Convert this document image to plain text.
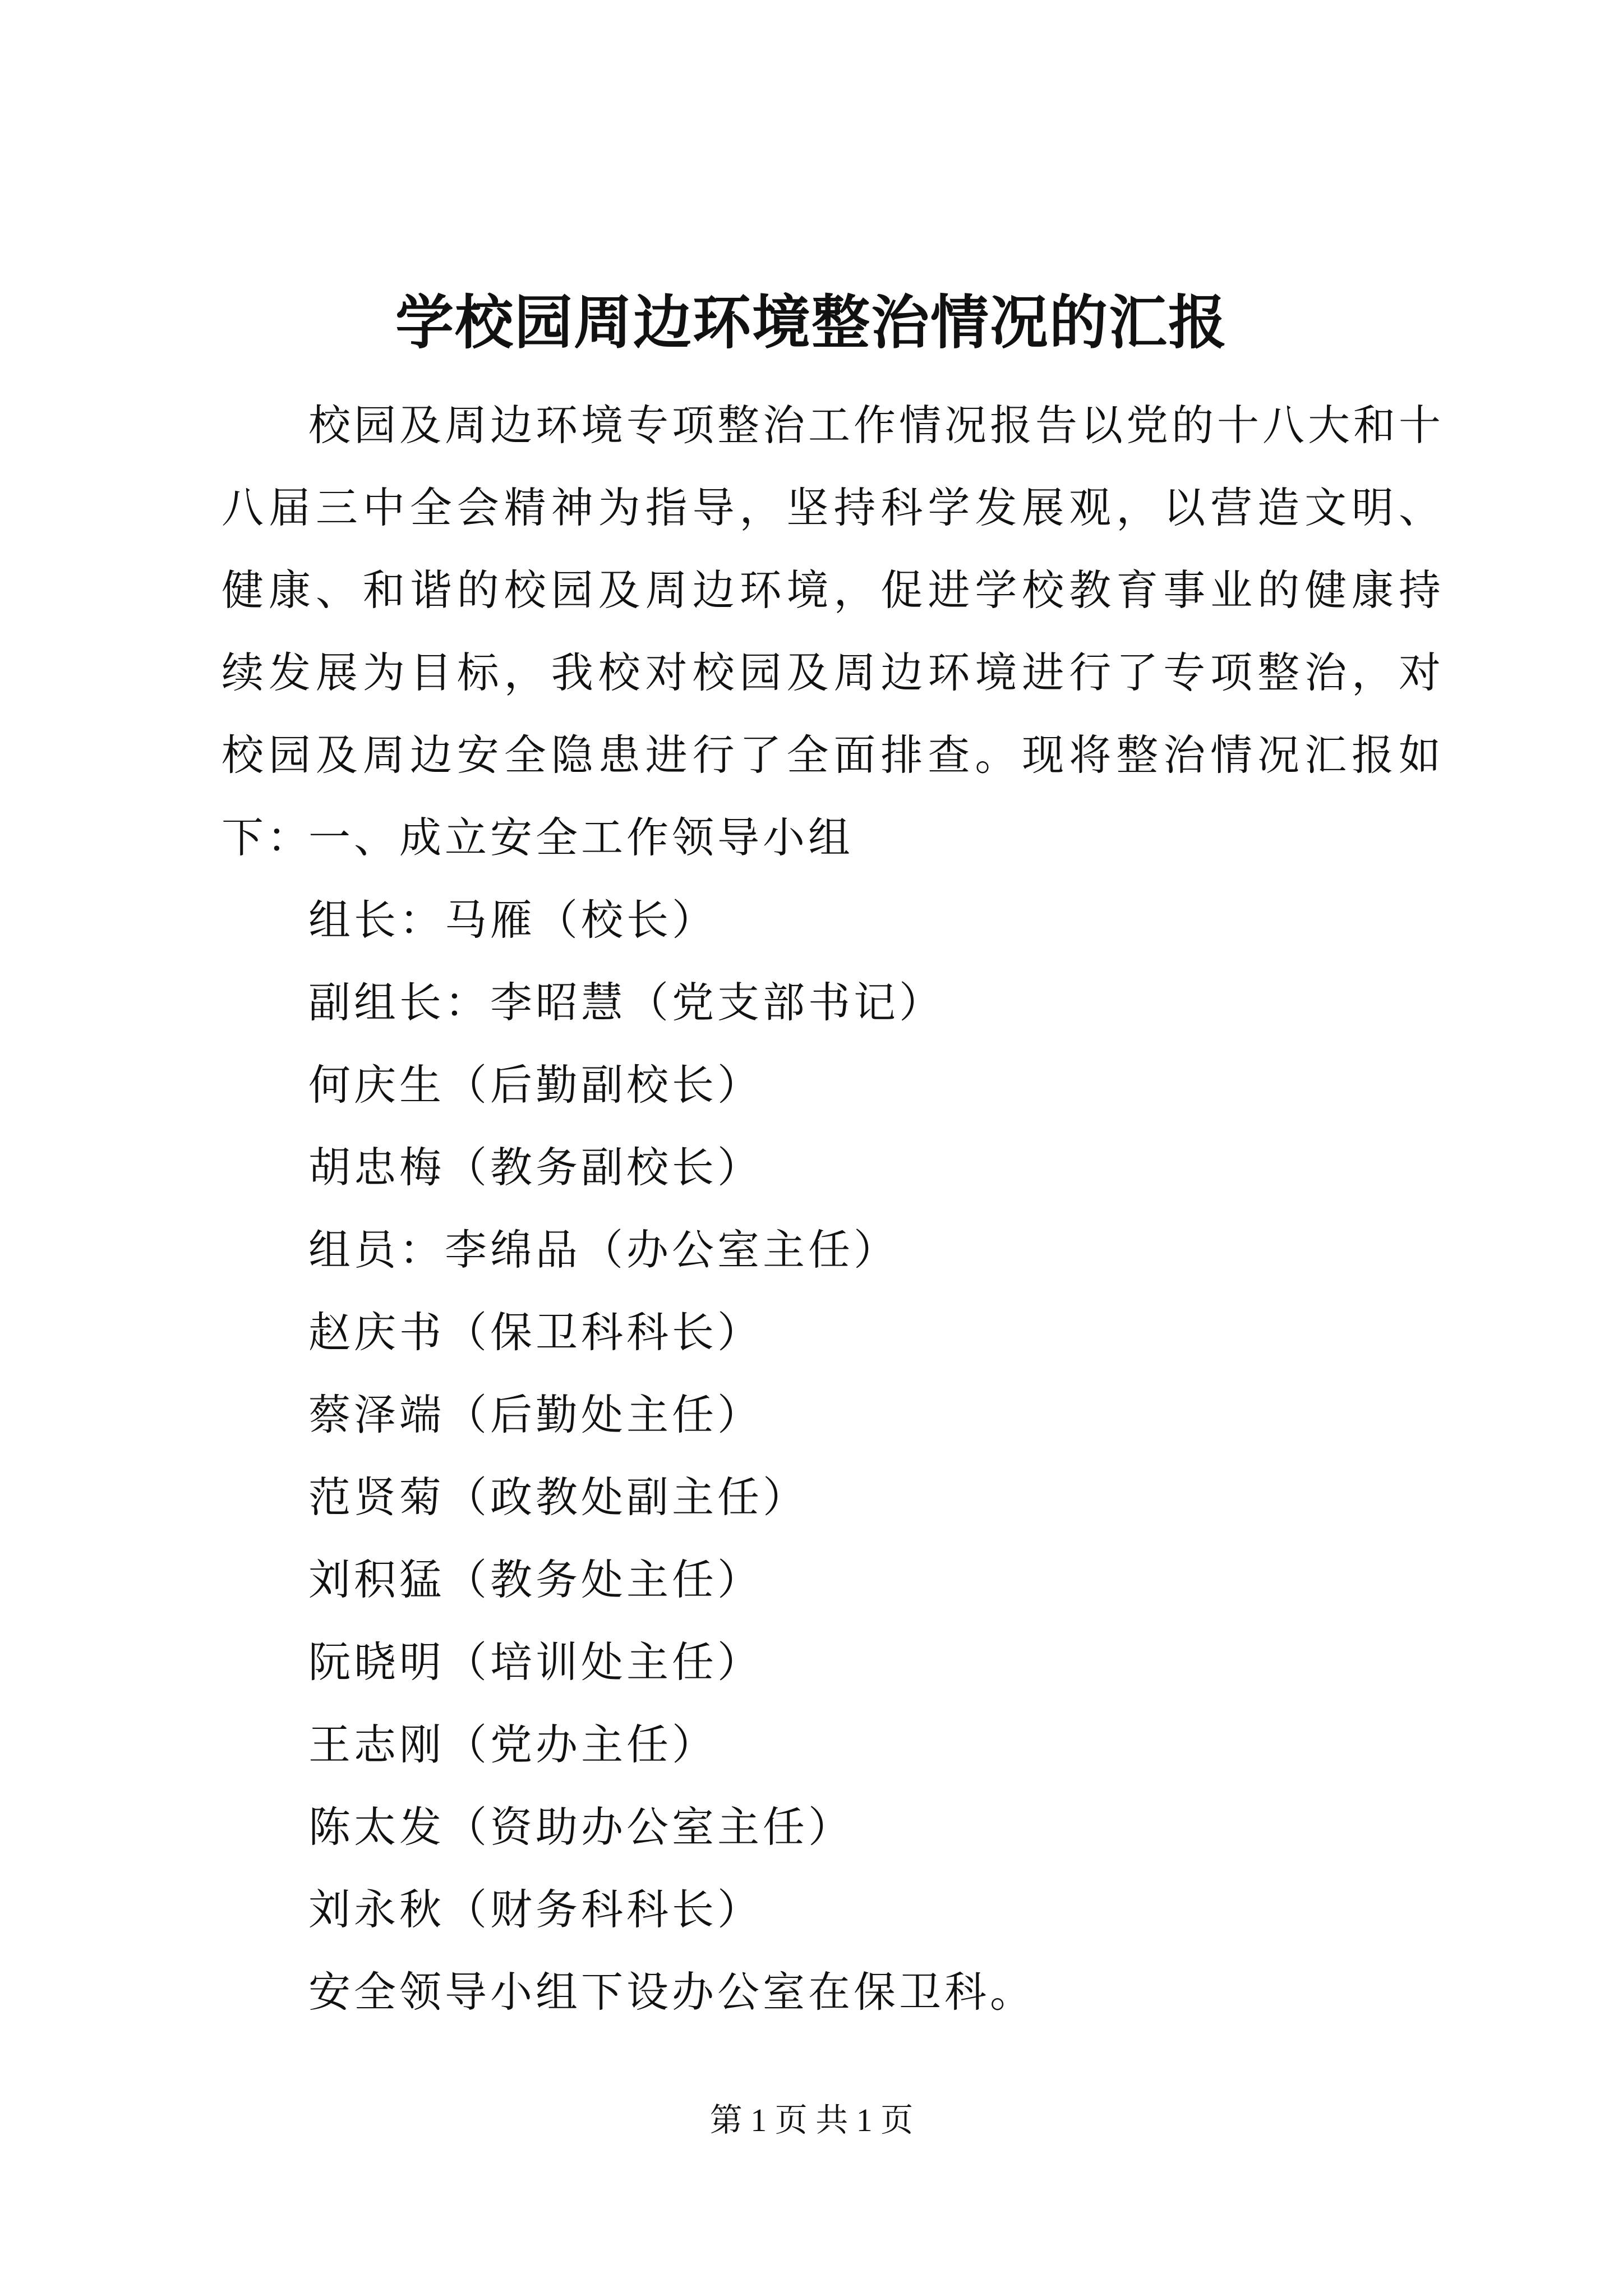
学校园周边环境整治情况的汇报

校园及周边环境专项整治工作情况报告以党的十八大和十八届三中全会精神为指导，坚持科学发展观，以营造文明、健康、和谐的校园及周边环境，促进学校教育事业的健康持续发展为目标，我校对校园及周边环境进行了专项整治，对校园及周边安全隐患进行了全面排查。现将整治情况汇报如下：

一、成立安全工作领导小组
组长：马雁（校长）
副组长：李昭慧（党支部书记）
何庆生（后勤副校长）
胡忠梅（教务副校长）
组员：李绵品（办公室主任）
赵庆书（保卫科科长）
蔡泽端（后勤处主任）
范贤菊（政教处副主任）
刘积猛（教务处主任）
阮晓明（培训处主任）
王志刚（党办主任）
陈太发（资助办公室主任）
刘永秋（财务科科长）
安全领导小组下设办公室在保卫科。
第 1 页 共 1 页
